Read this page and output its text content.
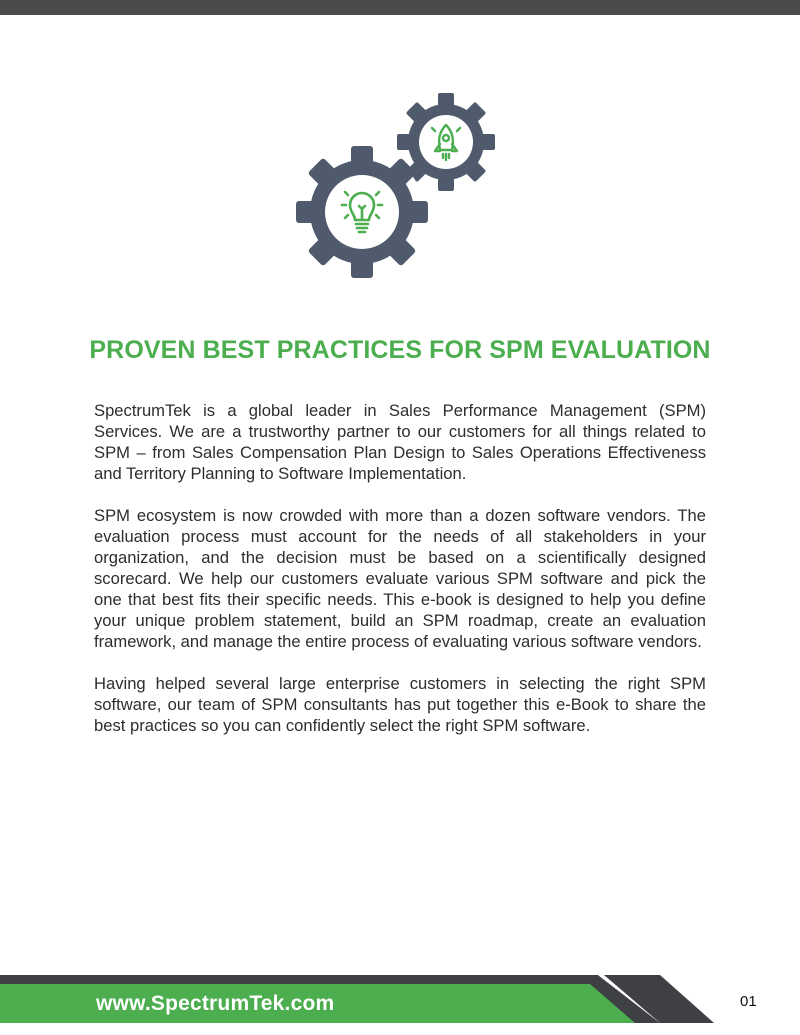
PROVEN BEST PRACTICES FOR SPM EVALUATION

SpectrumTek is a global leader in Sales Performance Management (SPM) Services. We are a trustworthy partner to our customers for all things related to SPM – from Sales Compensation Plan Design to Sales Operations Effectiveness and Territory Planning to Software Implementation.

SPM ecosystem is now crowded with more than a dozen software vendors. The evaluation process must account for the needs of all stakeholders in your organization, and the decision must be based on a scientifically designed scorecard. We help our customers evaluate various SPM software and pick the one that best fits their specific needs. This e-book is designed to help you define your unique problem statement, build an SPM roadmap, create an evaluation framework, and manage the entire process of evaluating various software vendors.

Having helped several large enterprise customers in selecting the right SPM software, our team of SPM consultants has put together this e-Book to share the best practices so you can confidently select the right SPM software.

www.SpectrumTek.com	01
